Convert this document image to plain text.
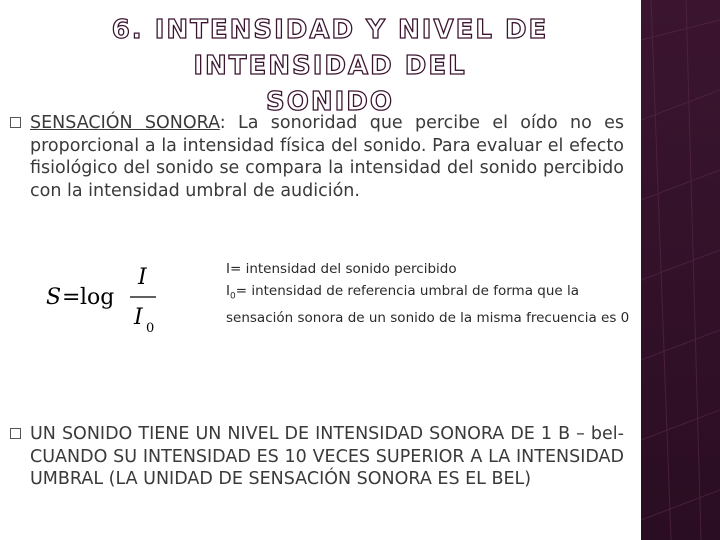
6. INTENSIDAD Y NIVEL DE INTENSIDAD DEL
SONIDO
SENSACIÓN SONORA: La sonoridad que percibe el oído no es proporcional a la intensidad física del sonido. Para evaluar el efecto fisiológico del sonido se compara la intensidad del sonido percibido con la intensidad umbral de audición.
S = log
I
I 0
I= intensidad del sonido percibido
$I_0=$ intensidad de referencia umbral de forma que la sensación sonora de un sonido de la misma frecuencia es 0
UN SONIDO TIENE UN NIVEL DE INTENSIDAD SONORA DE 1 B – bel- CUANDO SU INTENSIDAD ES 10 VECES SUPERIOR A LA INTENSIDAD UMBRAL (LA UNIDAD DE SENSACIÓN SONORA ES EL BEL)
